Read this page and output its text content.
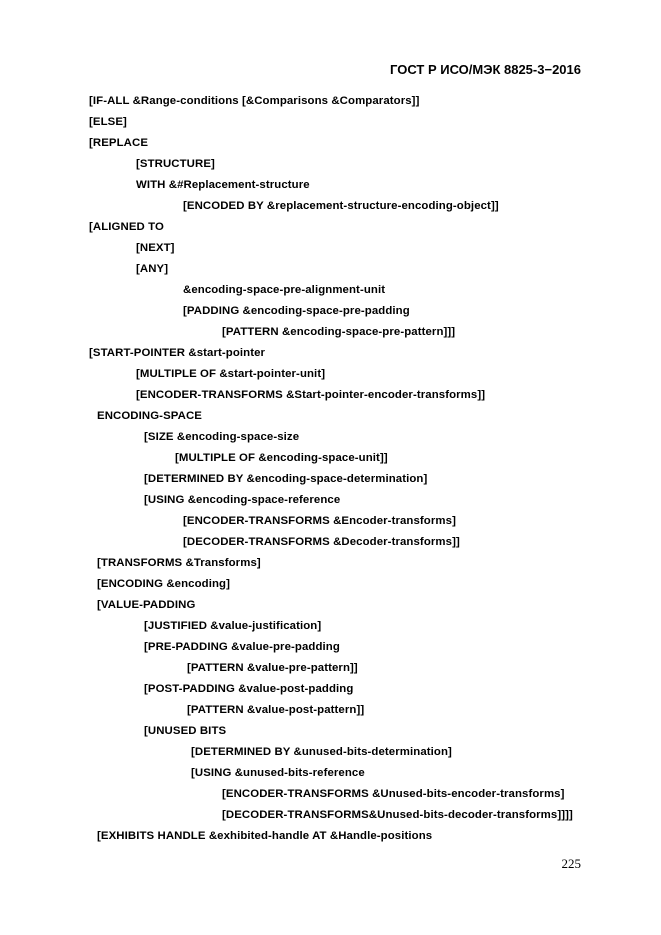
ГОСТ Р ИСО/МЭК 8825-3−2016
[IF-ALL &Range-conditions [&Comparisons &Comparators]]
[ELSE]
[REPLACE
[STRUCTURE]
WITH &#Replacement-structure
[ENCODED BY &replacement-structure-encoding-object]]
[ALIGNED TO
[NEXT]
[ANY]
&encoding-space-pre-alignment-unit
[PADDING &encoding-space-pre-padding
[PATTERN &encoding-space-pre-pattern]]]
[START-POINTER &start-pointer
[MULTIPLE OF &start-pointer-unit]
[ENCODER-TRANSFORMS &Start-pointer-encoder-transforms]]
ENCODING-SPACE
[SIZE &encoding-space-size
[MULTIPLE OF &encoding-space-unit]]
[DETERMINED BY &encoding-space-determination]
[USING &encoding-space-reference
[ENCODER-TRANSFORMS &Encoder-transforms]
[DECODER-TRANSFORMS &Decoder-transforms]]
[TRANSFORMS &Transforms]
[ENCODING &encoding]
[VALUE-PADDING
[JUSTIFIED &value-justification]
[PRE-PADDING &value-pre-padding
[PATTERN &value-pre-pattern]]
[POST-PADDING &value-post-padding
[PATTERN &value-post-pattern]]
[UNUSED BITS
[DETERMINED BY &unused-bits-determination]
[USING &unused-bits-reference
[ENCODER-TRANSFORMS &Unused-bits-encoder-transforms]
[DECODER-TRANSFORMS&Unused-bits-decoder-transforms]]]]
[EXHIBITS HANDLE &exhibited-handle AT &Handle-positions
225
